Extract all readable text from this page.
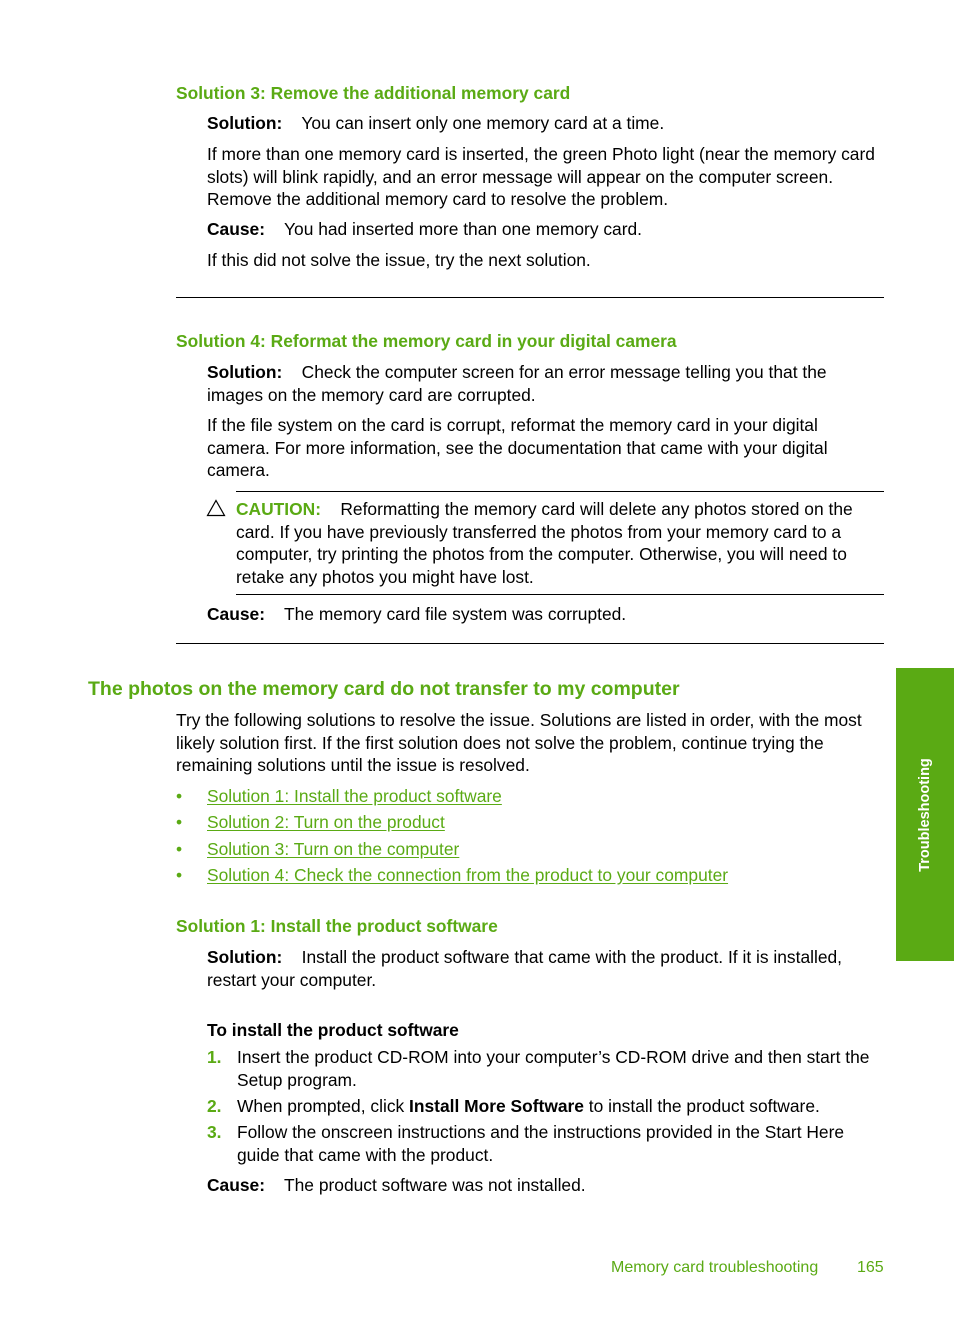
Solution 3: Remove the additional memory card
Solution: You can insert only one memory card at a time.
If more than one memory card is inserted, the green Photo light (near the memory card slots) will blink rapidly, and an error message will appear on the computer screen. Remove the additional memory card to resolve the problem.
Cause: You had inserted more than one memory card.
If this did not solve the issue, try the next solution.
Solution 4: Reformat the memory card in your digital camera
Solution: Check the computer screen for an error message telling you that the images on the memory card are corrupted.
If the file system on the card is corrupt, reformat the memory card in your digital camera. For more information, see the documentation that came with your digital camera.
CAUTION: Reformatting the memory card will delete any photos stored on the card. If you have previously transferred the photos from your memory card to a computer, try printing the photos from the computer. Otherwise, you will need to retake any photos you might have lost.
Cause: The memory card file system was corrupted.
The photos on the memory card do not transfer to my computer
Try the following solutions to resolve the issue. Solutions are listed in order, with the most likely solution first. If the first solution does not solve the problem, continue trying the remaining solutions until the issue is resolved.
• Solution 1: Install the product software
• Solution 2: Turn on the product
• Solution 3: Turn on the computer
• Solution 4: Check the connection from the product to your computer
Solution 1: Install the product software
Solution: Install the product software that came with the product. If it is installed, restart your computer.
To install the product software
1. Insert the product CD-ROM into your computer’s CD-ROM drive and then start the Setup program.
2. When prompted, click Install More Software to install the product software.
3. Follow the onscreen instructions and the instructions provided in the Start Here guide that came with the product.
Cause: The product software was not installed.
Troubleshooting
Memory card troubleshooting 165
